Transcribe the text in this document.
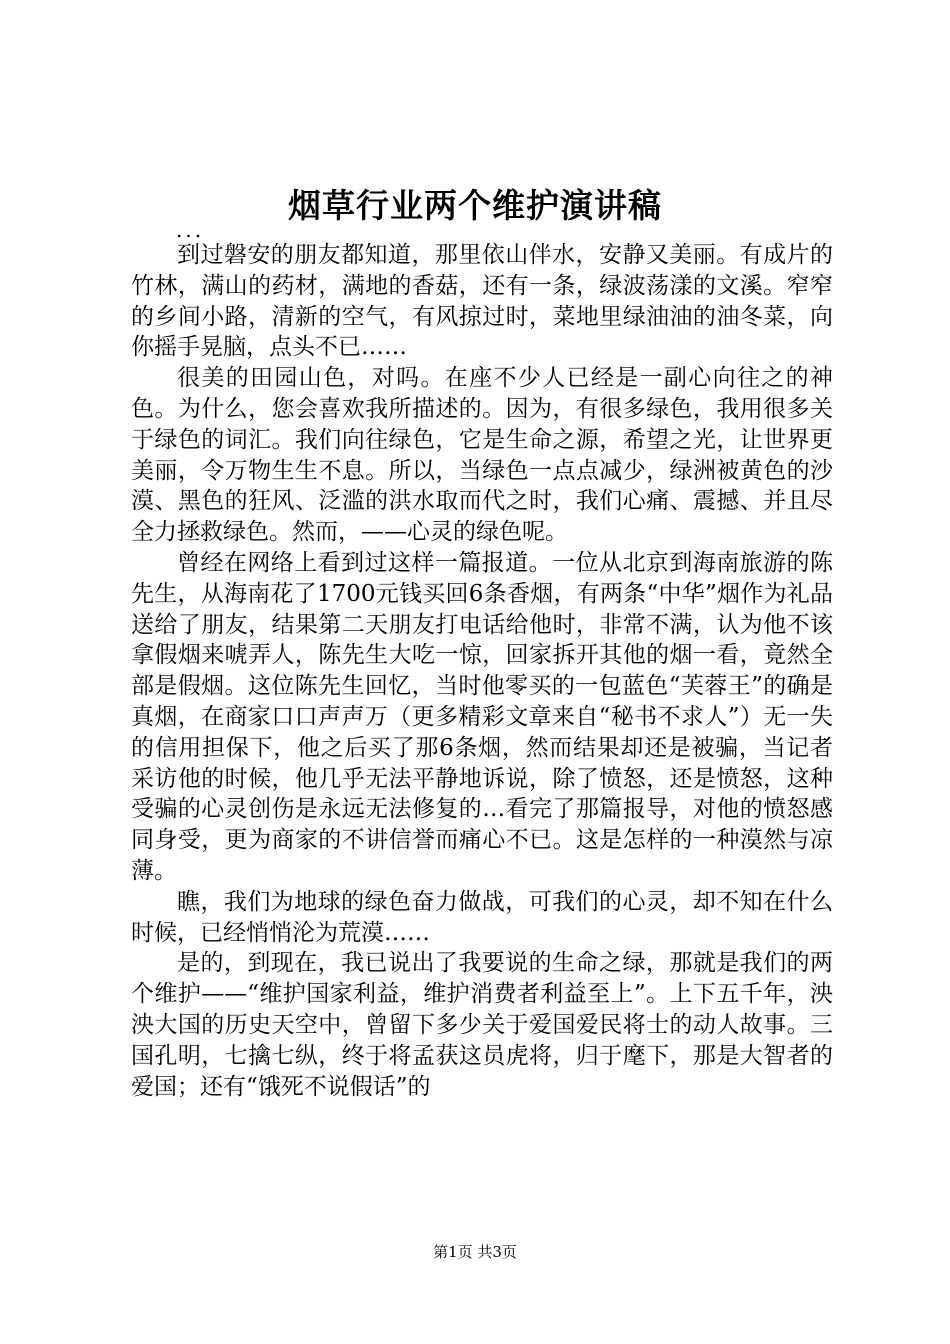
烟草行业两个维护演讲稿
...

到过磐安的朋友都知道，那里依山伴水，安静又美丽。有成片的竹林，满山的药材，满地的香菇，还有一条，绿波荡漾的文溪。窄窄的乡间小路，清新的空气，有风掠过时，菜地里绿油油的油冬菜，向你摇手晃脑，点头不已……

很美的田园山色，对吗。在座不少人已经是一副心向往之的神色。为什么，您会喜欢我所描述的。因为，有很多绿色，我用很多关于绿色的词汇。我们向往绿色，它是生命之源，希望之光，让世界更美丽，令万物生生不息。所以，当绿色一点点减少，绿洲被黄色的沙漠、黑色的狂风、泛滥的洪水取而代之时，我们心痛、震撼、并且尽全力拯救绿色。然而，——心灵的绿色呢。

曾经在网络上看到过这样一篇报道。一位从北京到海南旅游的陈先生，从海南花了1700元钱买回6条香烟，有两条“中华”烟作为礼品送给了朋友，结果第二天朋友打电话给他时，非常不满，认为他不该拿假烟来唬弄人，陈先生大吃一惊，回家拆开其他的烟一看，竟然全部是假烟。这位陈先生回忆，当时他零买的一包蓝色“芙蓉王”的确是真烟，在商家口口声声万（更多精彩文章来自“秘书不求人”）无一失的信用担保下，他之后买了那6条烟，然而结果却还是被骗，当记者采访他的时候，他几乎无法平静地诉说，除了愤怒，还是愤怒，这种受骗的心灵创伤是永远无法修复的…看完了那篇报导，对他的愤怒感同身受，更为商家的不讲信誉而痛心不已。这是怎样的一种漠然与凉薄。

瞧，我们为地球的绿色奋力做战，可我们的心灵，却不知在什么时候，已经悄悄沦为荒漠……

是的，到现在，我已说出了我要说的生命之绿，那就是我们的两个维护——“维护国家利益，维护消费者利益至上”。上下五千年，泱泱大国的历史天空中，曾留下多少关于爱国爱民将士的动人故事。三国孔明，七擒七纵，终于将孟获这员虎将，归于麾下，那是大智者的爱国；还有“饿死不说假话”的

第1页 共3页
